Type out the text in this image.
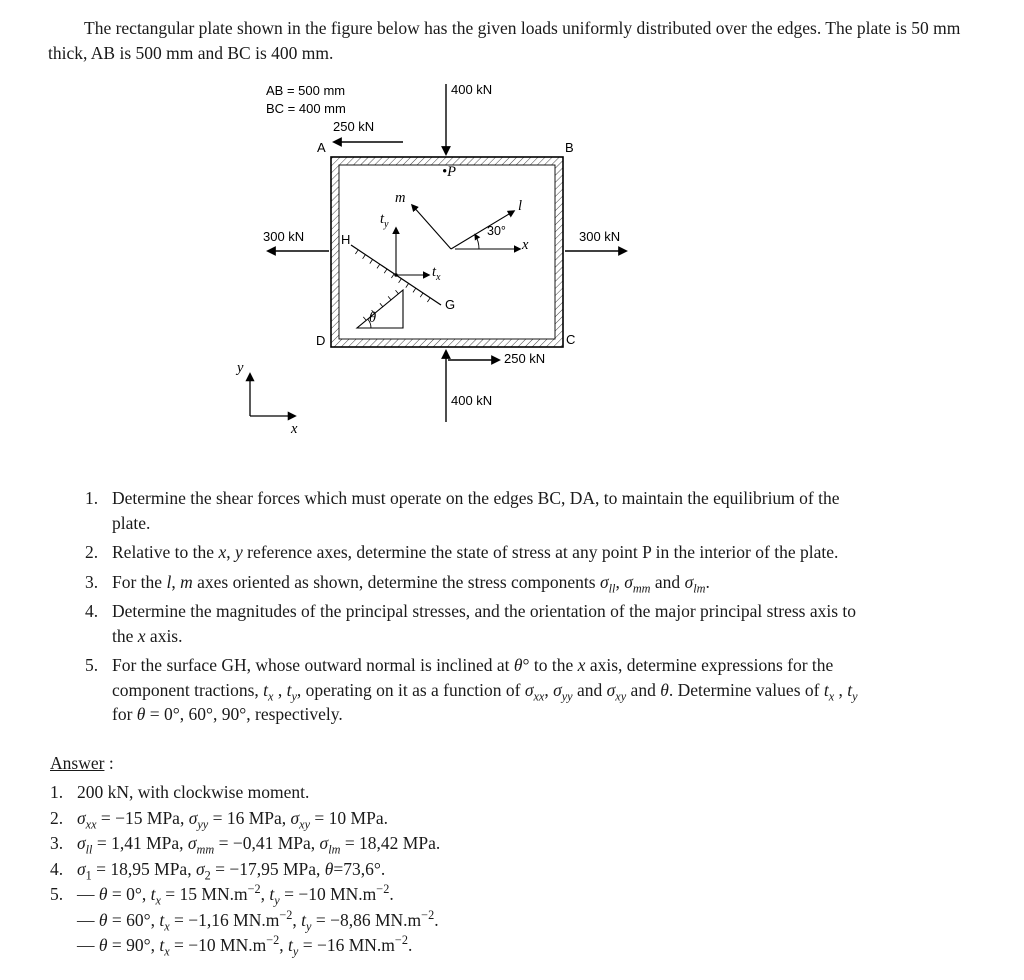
The rectangular plate shown in the figure below has the given loads uniformly distributed over the edges. The plate is 50 mm thick, AB is 500 mm and BC is 400 mm.

AB = 500 mm
BC = 400 mm
400 kN
250 kN
300 kN	300 kN
250 kN
400 kN
A	B
C
D
•P
m	l
$t_y$
$t_x$
H
G
30°
x
θ
y
x
1. Determine the shear forces which must operate on the edges BC, DA, to maintain the equilibrium of the plate.
2. Relative to the x, y reference axes, determine the state of stress at any point P in the interior of the plate.
3. For the l, m axes oriented as shown, determine the stress components $\sigma_{ll}$, $\sigma_{mm}$ and $\sigma_{lm}$.
4. Determine the magnitudes of the principal stresses, and the orientation of the major principal stress axis to the x axis.
5. For the surface GH, whose outward normal is inclined at θ° to the x axis, determine expressions for the component tractions, $t_x$ , $t_y$, operating on it as a function of $\sigma_{xx}$, $\sigma_{yy}$ and $\sigma_{xy}$ and θ. Determine values of $t_x$ , $t_y$ for θ = 0°, 60°, 90°, respectively.
Answer :
1. 200 kN, with clockwise moment.
2. $\sigma_{xx} = -15$ MPa, $\sigma_{yy} = 16$ MPa, $\sigma_{xy} = 10$ MPa.
3. $\sigma_{ll} = 1,41$ MPa, $\sigma_{mm} = -0,41$ MPa, $\sigma_{lm} = 18,42$ MPa.
4. $\sigma_1 = 18,95$ MPa, $\sigma_2 = -17,95$ MPa, θ=73,6°.
5. — θ = 0°, $t_x = 15$ $MN.m^{-2}$, $t_y = -10$ $MN.m^{-2}$.
— θ = 60°, $t_x = -1,16$ $MN.m^{-2}$, $t_y = -8,86$ $MN.m^{-2}$.
— θ = 90°, $t_x = -10$ $MN.m^{-2}$, $t_y = -16$ $MN.m^{-2}$.
